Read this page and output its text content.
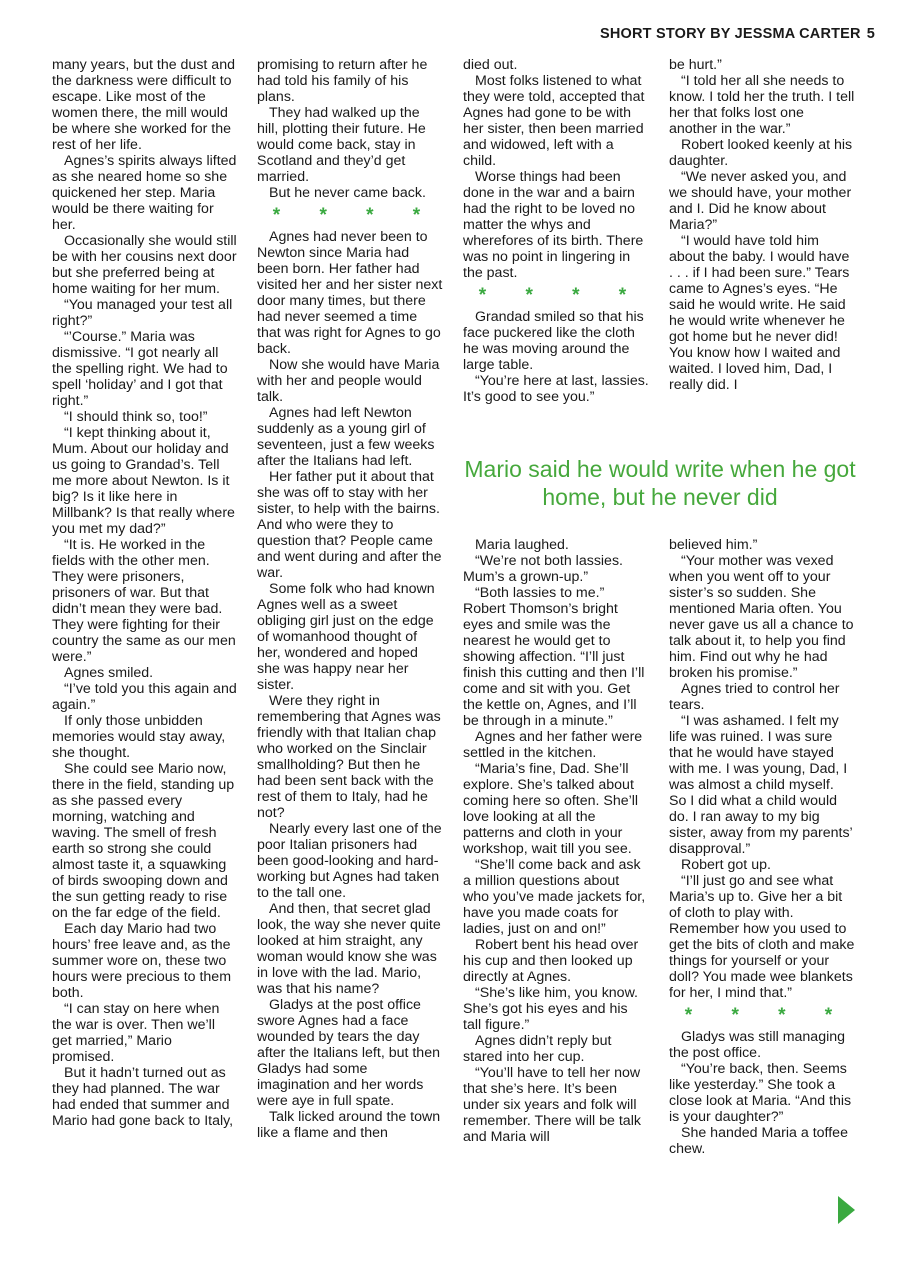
SHORT STORY BY JESSMA CARTER 5

many years, but the dust and the darkness were difficult to escape. Like most of the women there, the mill would be where she worked for the rest of her life.

Agnes’s spirits always lifted as she neared home so she quickened her step. Maria would be there waiting for her.

Occasionally she would still be with her cousins next door but she preferred being at home waiting for her mum.

“You managed your test all right?”

“’Course.” Maria was dismissive. “I got nearly all the spelling right. We had to spell ‘holiday’ and I got that right.”

“I should think so, too!”

“I kept thinking about it, Mum. About our holiday and us going to Grandad’s. Tell me more about Newton. Is it big? Is it like here in Millbank? Is that really where you met my dad?”

“It is. He worked in the fields with the other men. They were prisoners, prisoners of war. But that didn’t mean they were bad. They were fighting for their country the same as our men were.”

Agnes smiled.

“I’ve told you this again and again.”

If only those unbidden memories would stay away, she thought.

She could see Mario now, there in the field, standing up as she passed every morning, watching and waving. The smell of fresh earth so strong she could almost taste it, a squawking of birds swooping down and the sun getting ready to rise on the far edge of the field.

Each day Mario had two hours’ free leave and, as the summer wore on, these two hours were precious to them both.

“I can stay on here when the war is over. Then we’ll get married,” Mario promised.

But it hadn’t turned out as they had planned. The war had ended that summer and Mario had gone back to Italy,

promising to return after he had told his family of his plans.

They had walked up the hill, plotting their future. He would come back, stay in Scotland and they’d get married.

But he never came back.

* * * *

Agnes had never been to Newton since Maria had been born. Her father had visited her and her sister next door many times, but there had never seemed a time that was right for Agnes to go back.

Now she would have Maria with her and people would talk.

Agnes had left Newton suddenly as a young girl of seventeen, just a few weeks after the Italians had left.

Her father put it about that she was off to stay with her sister, to help with the bairns. And who were they to question that? People came and went during and after the war.

Some folk who had known Agnes well as a sweet obliging girl just on the edge of womanhood thought of her, wondered and hoped she was happy near her sister.

Were they right in remembering that Agnes was friendly with that Italian chap who worked on the Sinclair smallholding? But then he had been sent back with the rest of them to Italy, had he not?

Nearly every last one of the poor Italian prisoners had been good-looking and hard-working but Agnes had taken to the tall one.

And then, that secret glad look, the way she never quite looked at him straight, any woman would know she was in love with the lad. Mario, was that his name?

Gladys at the post office swore Agnes had a face wounded by tears the day after the Italians left, but then Gladys had some imagination and her words were aye in full spate.

Talk licked around the town like a flame and then

died out.

Most folks listened to what they were told, accepted that Agnes had gone to be with her sister, then been married and widowed, left with a child.

Worse things had been done in the war and a bairn had the right to be loved no matter the whys and wherefores of its birth. There was no point in lingering in the past.

* * * *

Grandad smiled so that his face puckered like the cloth he was moving around the large table.

“You’re here at last, lassies. It’s good to see you.”

be hurt.”

“I told her all she needs to know. I told her the truth. I tell her that folks lost one another in the war.”

Robert looked keenly at his daughter.

“We never asked you, and we should have, your mother and I. Did he know about Maria?”

“I would have told him about the baby. I would have . . . if I had been sure.” Tears came to Agnes’s eyes. “He said he would write. He said he would write whenever he got home but he never did! You know how I waited and waited. I loved him, Dad, I really did. I

Mario said he would write when he got home, but he never did

Maria laughed.

“We’re not both lassies. Mum’s a grown-up.”

“Both lassies to me.” Robert Thomson’s bright eyes and smile was the nearest he would get to showing affection. “I’ll just finish this cutting and then I’ll come and sit with you. Get the kettle on, Agnes, and I’ll be through in a minute.”

Agnes and her father were settled in the kitchen.

“Maria’s fine, Dad. She’ll explore. She’s talked about coming here so often. She’ll love looking at all the patterns and cloth in your workshop, wait till you see.

“She’ll come back and ask a million questions about who you’ve made jackets for, have you made coats for ladies, just on and on!”

Robert bent his head over his cup and then looked up directly at Agnes.

“She’s like him, you know. She’s got his eyes and his tall figure.”

Agnes didn’t reply but stared into her cup.

“You’ll have to tell her now that she’s here. It’s been under six years and folk will remember. There will be talk and Maria will

believed him.”

“Your mother was vexed when you went off to your sister’s so sudden. She mentioned Maria often. You never gave us all a chance to talk about it, to help you find him. Find out why he had broken his promise.”

Agnes tried to control her tears.

“I was ashamed. I felt my life was ruined. I was sure that he would have stayed with me. I was young, Dad, I was almost a child myself. So I did what a child would do. I ran away to my big sister, away from my parents’ disapproval.”

Robert got up.

“I’ll just go and see what Maria’s up to. Give her a bit of cloth to play with. Remember how you used to get the bits of cloth and make things for yourself or your doll? You made wee blankets for her, I mind that.”

* * * *

Gladys was still managing the post office.

“You’re back, then. Seems like yesterday.” She took a close look at Maria. “And this is your daughter?”

She handed Maria a toffee chew.
